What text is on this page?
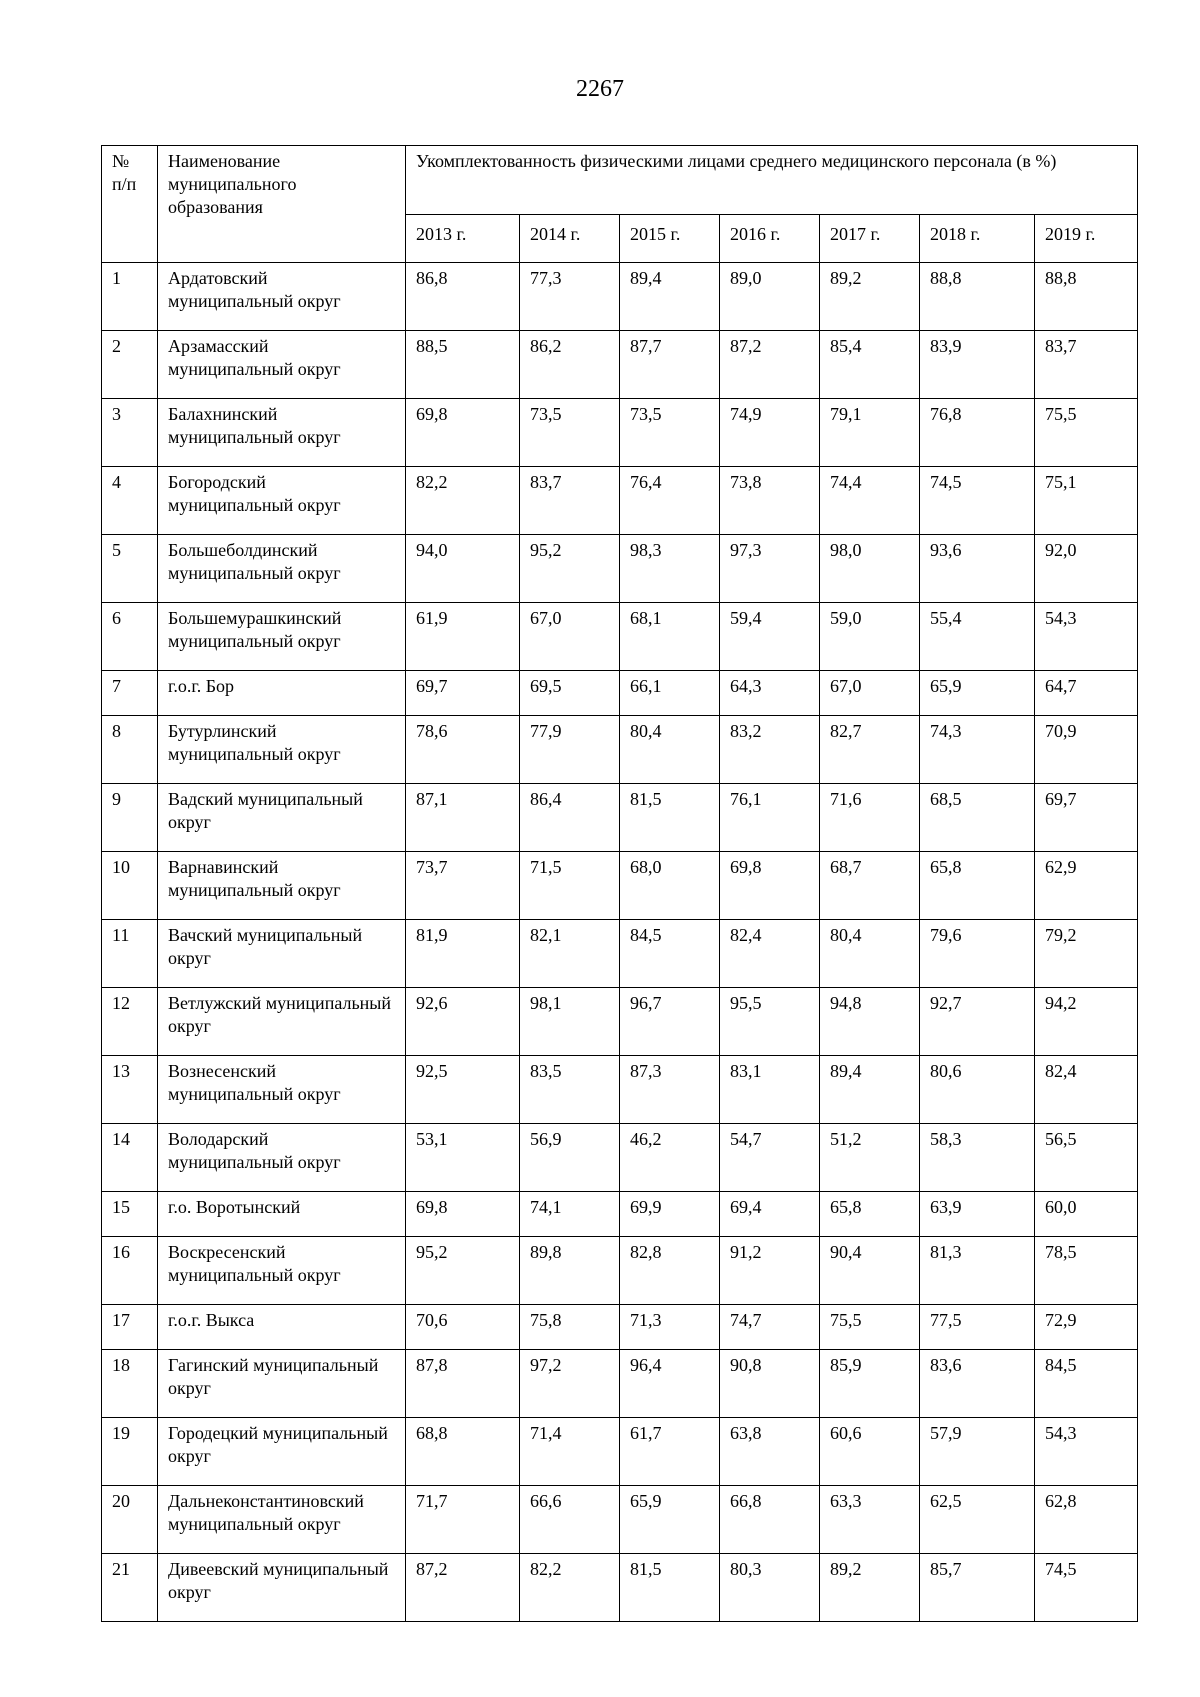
2267
№ п/п	Наименование муниципального образования	Укомплектованность физическими лицами среднего медицинского персонала (в %)						
		2013 г.	2014 г.	2015 г.	2016 г.	2017 г.	2018 г.	2019 г.
1	Ардатовский муниципальный округ	86,8	77,3	89,4	89,0	89,2	88,8	88,8
2	Арзамасский муниципальный округ	88,5	86,2	87,7	87,2	85,4	83,9	83,7
3	Балахнинский муниципальный округ	69,8	73,5	73,5	74,9	79,1	76,8	75,5
4	Богородский муниципальный округ	82,2	83,7	76,4	73,8	74,4	74,5	75,1
5	Большеболдинский муниципальный округ	94,0	95,2	98,3	97,3	98,0	93,6	92,0
6	Большемурашкинский муниципальный округ	61,9	67,0	68,1	59,4	59,0	55,4	54,3
7	г.о.г. Бор	69,7	69,5	66,1	64,3	67,0	65,9	64,7
8	Бутурлинский муниципальный округ	78,6	77,9	80,4	83,2	82,7	74,3	70,9
9	Вадский муниципальный округ	87,1	86,4	81,5	76,1	71,6	68,5	69,7
10	Варнавинский муниципальный округ	73,7	71,5	68,0	69,8	68,7	65,8	62,9
11	Вачский муниципальный округ	81,9	82,1	84,5	82,4	80,4	79,6	79,2
12	Ветлужский муниципальный округ	92,6	98,1	96,7	95,5	94,8	92,7	94,2
13	Вознесенский муниципальный округ	92,5	83,5	87,3	83,1	89,4	80,6	82,4
14	Володарский муниципальный округ	53,1	56,9	46,2	54,7	51,2	58,3	56,5
15	г.о. Воротынский	69,8	74,1	69,9	69,4	65,8	63,9	60,0
16	Воскресенский муниципальный округ	95,2	89,8	82,8	91,2	90,4	81,3	78,5
17	г.о.г. Выкса	70,6	75,8	71,3	74,7	75,5	77,5	72,9
18	Гагинский муниципальный округ	87,8	97,2	96,4	90,8	85,9	83,6	84,5
19	Городецкий муниципальный округ	68,8	71,4	61,7	63,8	60,6	57,9	54,3
20	Дальнеконстантиновский муниципальный округ	71,7	66,6	65,9	66,8	63,3	62,5	62,8
21	Дивеевский муниципальный округ	87,2	82,2	81,5	80,3	89,2	85,7	74,5
